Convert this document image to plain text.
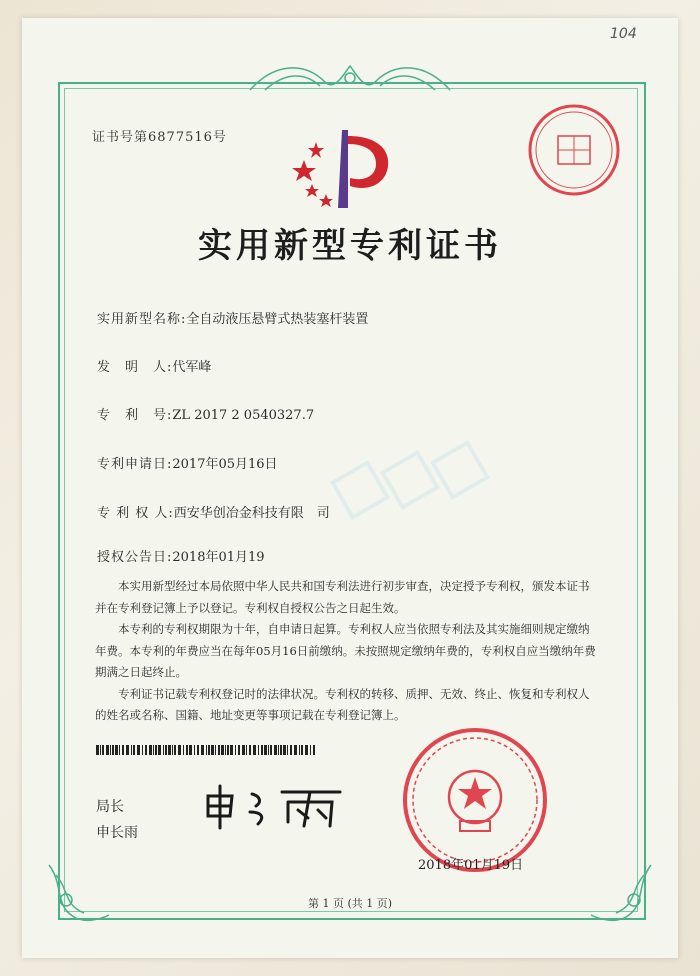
104
证书号第6877516号
实用新型专利证书
实用新型名称:全自动液压悬臂式热装塞杆装置
发　明　人:代军峰
专　利　号:ZL 2017 2 0540327.7
专利申请日:2017年05月16日
专 利 权 人:西安华创冶金科技有限　司
授权公告日:2018年01月19

本实用新型经过本局依照中华人民共和国专利法进行初步审查，决定授予专利权，颁发本证书并在专利登记簿上予以登记。专利权自授权公告之日起生效。

本专利的专利权期限为十年，自申请日起算。专利权人应当依照专利法及其实施细则规定缴纳年费。本专利的年费应当在每年05月16日前缴纳。未按照规定缴纳年费的，专利权自应当缴纳年费期满之日起终止。

专利证书记载专利权登记时的法律状况。专利权的转移、质押、无效、终止、恢复和专利权人的姓名或名称、国籍、地址变更等事项记载在专利登记簿上。

局长
申长雨
2018年01月19日
第 1 页 (共 1 页)
